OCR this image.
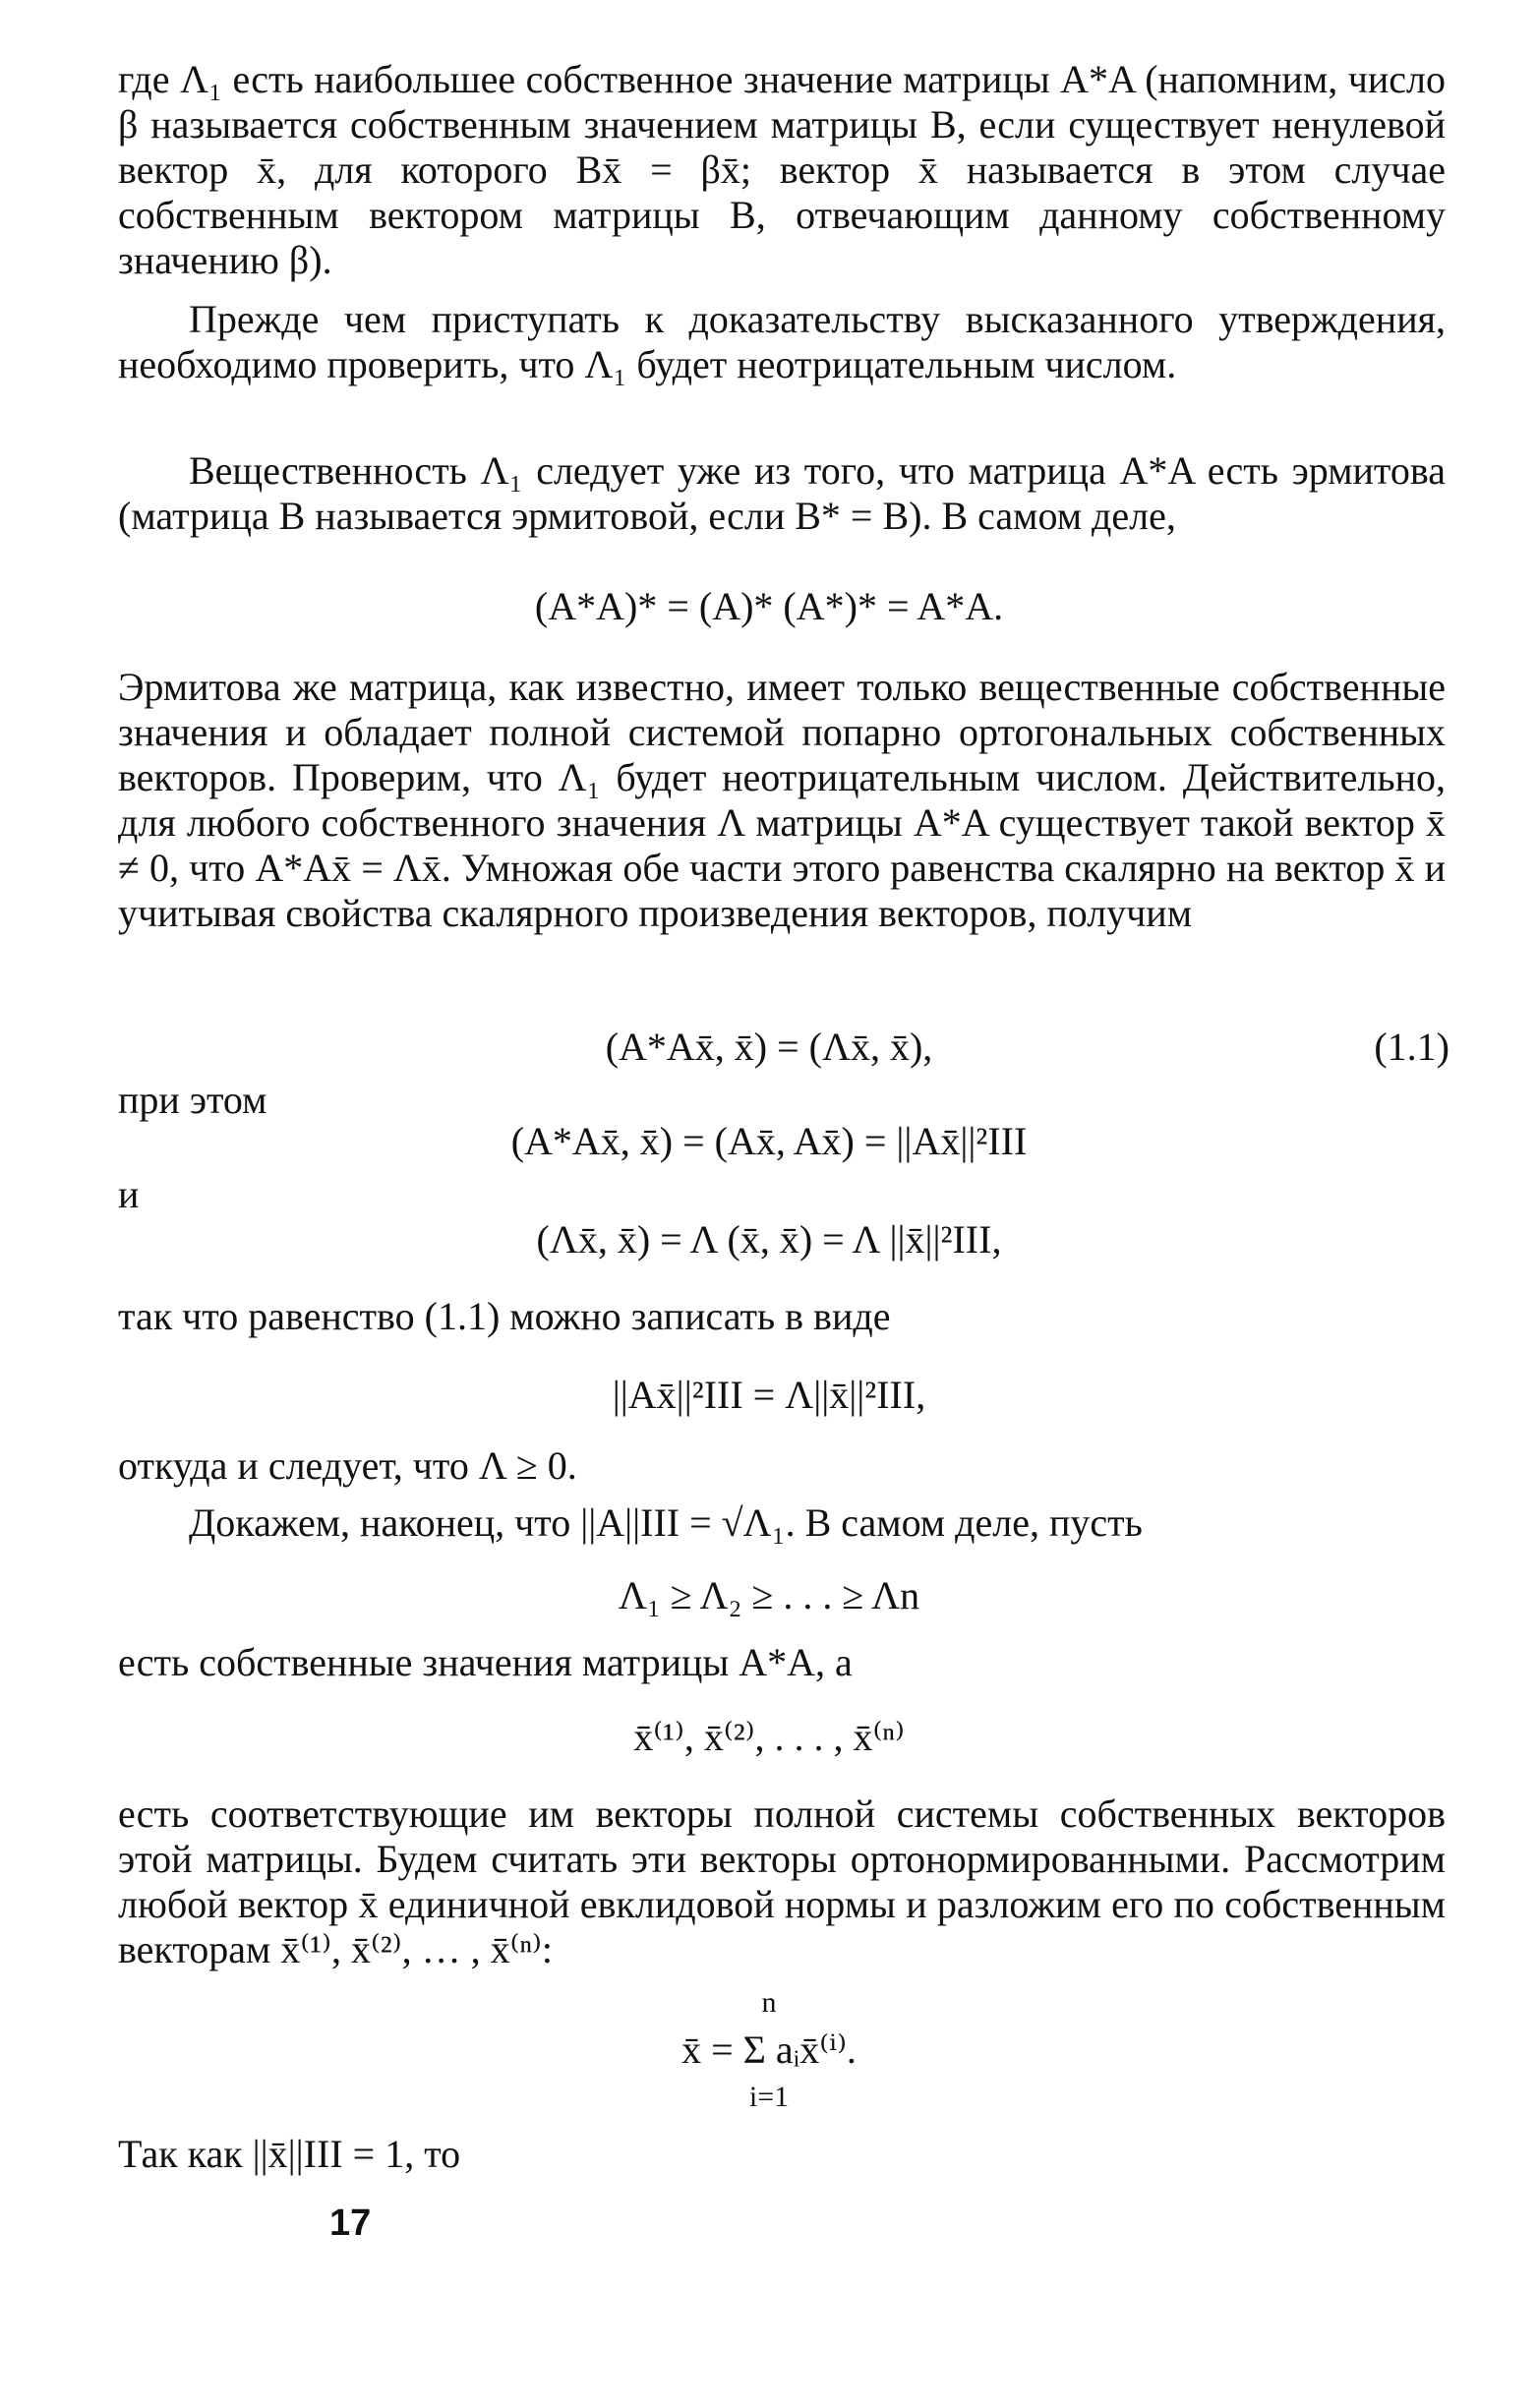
где Λ₁ есть наибольшее собственное значение матрицы A*A (напомним, число β называется собственным значением матрицы B, если существует ненулевой вектор x̄, для которого Bx̄ = βx̄; вектор x̄ называется в этом случае собственным вектором матрицы B, отвечающим данному собственному значению β).

Прежде чем приступать к доказательству высказанного утверждения, необходимо проверить, что Λ₁ будет неотрицательным числом.

Вещественность Λ₁ следует уже из того, что матрица A*A есть эрмитова (матрица B называется эрмитовой, если B* = B). В самом деле,

(A*A)* = (A)* (A*)* = A*A.

Эрмитова же матрица, как известно, имеет только вещественные собственные значения и обладает полной системой попарно ортогональных собственных векторов. Проверим, что Λ₁ будет неотрицательным числом. Действительно, для любого собственного значения Λ матрицы A*A существует такой вектор x̄ ≠ 0, что A*Ax̄ = Λx̄. Умножая обе части этого равенства скалярно на вектор x̄ и учитывая свойства скалярного произведения векторов, получим

(A*Ax̄, x̄) = (Λx̄, x̄),	(1.1)
при этом
(A*Ax̄, x̄) = (Ax̄, Ax̄) = ||Ax̄||²III
и
(Λx̄, x̄) = Λ (x̄, x̄) = Λ ||x̄||²III,

так что равенство (1.1) можно записать в виде

||Ax̄||²III = Λ||x̄||²III,

откуда и следует, что Λ ≥ 0.

Докажем, наконец, что ||A||III = √Λ₁. В самом деле, пусть

Λ₁ ≥ Λ₂ ≥ . . . ≥ Λn

есть собственные значения матрицы A*A, а

x̄⁽¹⁾, x̄⁽²⁾, . . . , x̄⁽ⁿ⁾

есть соответствующие им векторы полной системы собственных векторов этой матрицы. Будем считать эти векторы ортонормированными. Рассмотрим любой вектор x̄ единичной евклидовой нормы и разложим его по собственным векторам x̄⁽¹⁾, x̄⁽²⁾, … , x̄⁽ⁿ⁾:

n
x̄ = Σ aᵢx̄⁽ⁱ⁾.
i=1

Так как ||x̄||III = 1, то

17
